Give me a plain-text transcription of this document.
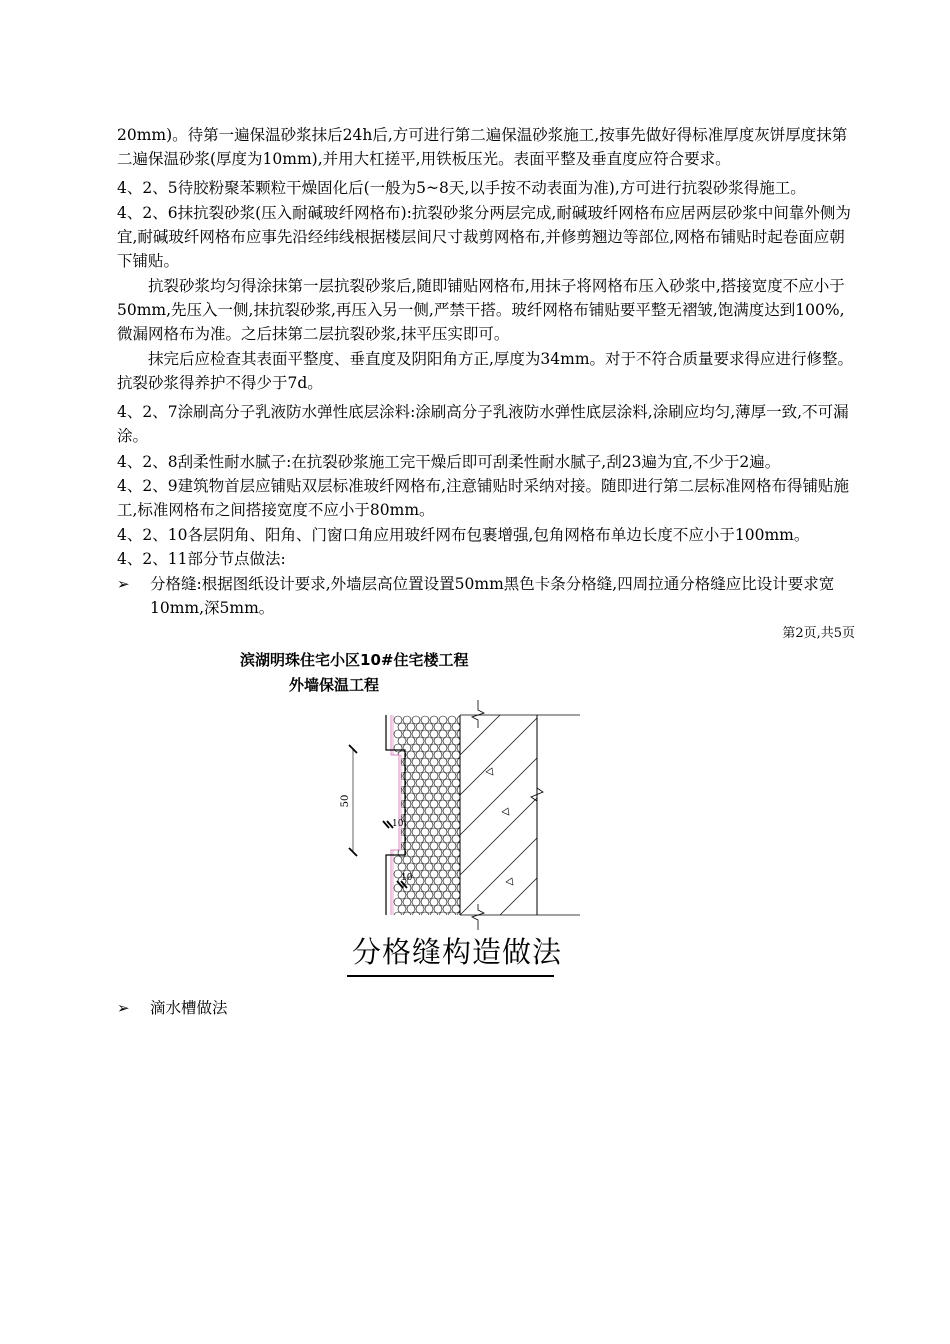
20mm)。待第一遍保温砂浆抹后24h后,方可进行第二遍保温砂浆施工,按事先做好得标准厚度灰饼厚度抹第二遍保温砂浆(厚度为10mm),并用大杠搓平,用铁板压光。表面平整及垂直度应符合要求。

4、2、5待胶粉聚苯颗粒干燥固化后(一般为5~8天,以手按不动表面为准),方可进行抗裂砂浆得施工。

4、2、6抹抗裂砂浆(压入耐碱玻纤网格布):抗裂砂浆分两层完成,耐碱玻纤网格布应居两层砂浆中间靠外侧为宜,耐碱玻纤网格布应事先沿经纬线根据楼层间尺寸裁剪网格布,并修剪翘边等部位,网格布铺贴时起卷面应朝下铺贴。

抗裂砂浆均匀得涂抹第一层抗裂砂浆后,随即铺贴网格布,用抹子将网格布压入砂浆中,搭接宽度不应小于50mm,先压入一侧,抹抗裂砂浆,再压入另一侧,严禁干搭。玻纤网格布铺贴要平整无褶皱,饱满度达到100%,微漏网格布为准。之后抹第二层抗裂砂浆,抹平压实即可。

抹完后应检查其表面平整度、垂直度及阴阳角方正,厚度为34mm。对于不符合质量要求得应进行修整。抗裂砂浆得养护不得少于7d。

4、2、7涂刷高分子乳液防水弹性底层涂料:涂刷高分子乳液防水弹性底层涂料,涂刷应均匀,薄厚一致,不可漏涂。

4、2、8刮柔性耐水腻子:在抗裂砂浆施工完干燥后即可刮柔性耐水腻子,刮23遍为宜,不少于2遍。

4、2、9建筑物首层应铺贴双层标准玻纤网格布,注意铺贴时采纳对接。随即进行第二层标准网格布得铺贴施工,标准网格布之间搭接宽度不应小于80mm。

4、2、10各层阴角、阳角、门窗口角应用玻纤网布包裹增强,包角网格布单边长度不应小于100mm。

4、2、11部分节点做法:

➢ 分格缝:根据图纸设计要求,外墙层高位置设置50mm黑色卡条分格缝,四周拉通分格缝应比设计要求宽10mm,深5mm。

第2页,共5页
滨湖明珠住宅小区10#住宅楼工程
外墙保温工程
50
10
10
分格缝构造做法
➢ 滴水槽做法
